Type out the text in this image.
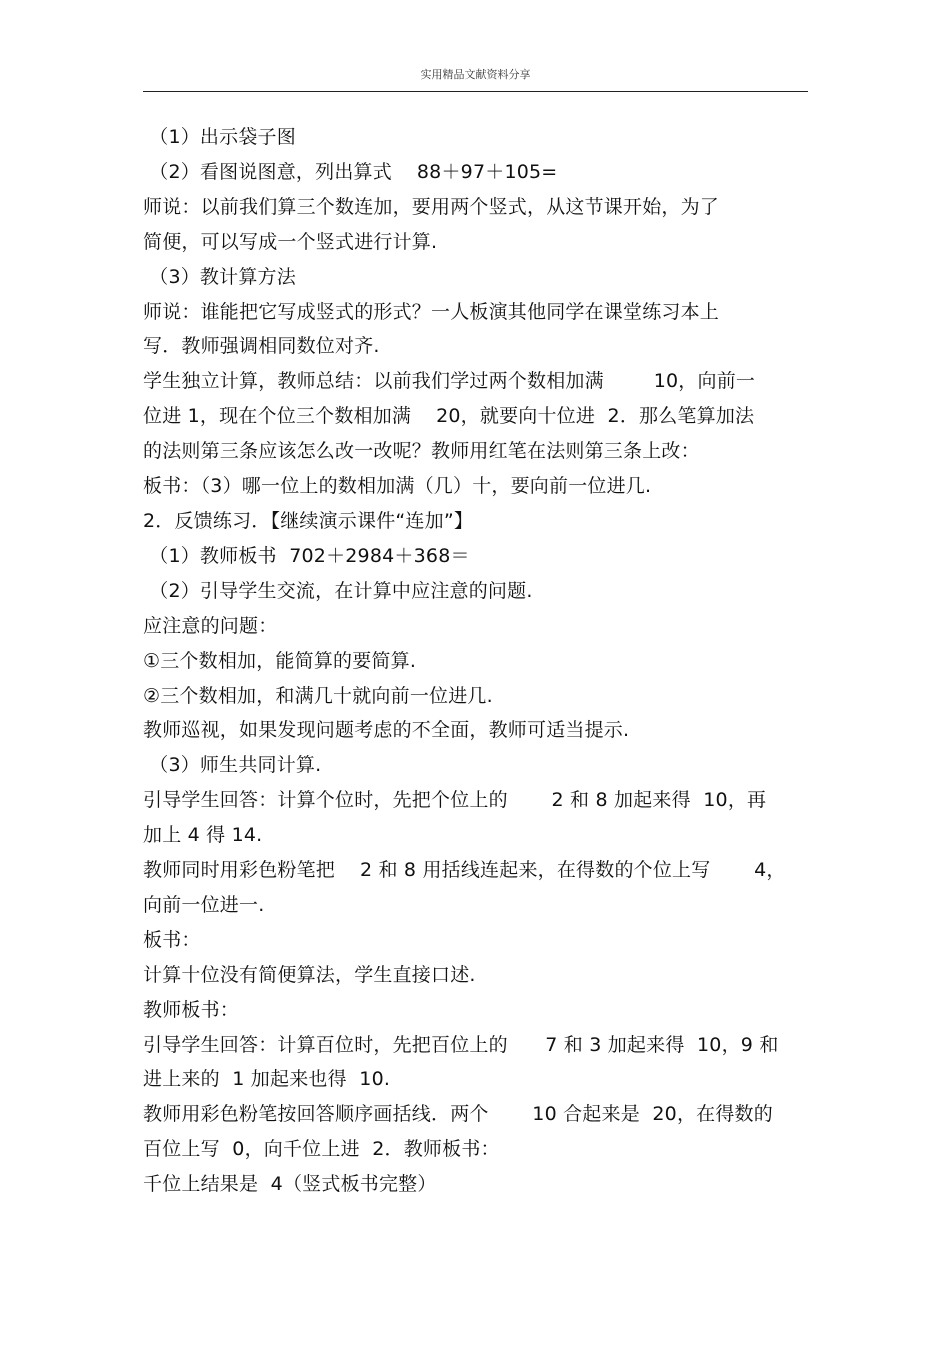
实用精品文献资料分享
（1）出示袋子图
（2）看图说图意，列出算式    88＋97＋105=
师说：以前我们算三个数连加，要用两个竖式，从这节课开始，为了
简便，可以写成一个竖式进行计算.
（3）教计算方法
师说：谁能把它写成竖式的形式？一人板演其他同学在课堂练习本上
写．教师强调相同数位对齐.
学生独立计算，教师总结：以前我们学过两个数相加满        10，向前一
位进 1，现在个位三个数相加满    20，就要向十位进  2．那么笔算加法
的法则第三条应该怎么改一改呢？教师用红笔在法则第三条上改：
板书：（3）哪一位上的数相加满（几）十，要向前一位进几.
2．反馈练习．【继续演示课件“连加”】
（1）教师板书  702＋2984＋368＝
（2）引导学生交流，在计算中应注意的问题.
应注意的问题：
①三个数相加，能简算的要简算.
②三个数相加，和满几十就向前一位进几.
教师巡视，如果发现问题考虑的不全面，教师可适当提示.
（3）师生共同计算.
引导学生回答：计算个位时，先把个位上的       2 和 8 加起来得  10，再
加上 4 得 14.
教师同时用彩色粉笔把    2 和 8 用括线连起来，在得数的个位上写       4，
向前一位进一.
板书：
计算十位没有简便算法，学生直接口述.
教师板书：
引导学生回答：计算百位时，先把百位上的      7 和 3 加起来得  10，9 和
进上来的  1 加起来也得  10.
教师用彩色粉笔按回答顺序画括线．两个       10 合起来是  20，在得数的
百位上写  0，向千位上进  2．教师板书：
千位上结果是  4（竖式板书完整）
